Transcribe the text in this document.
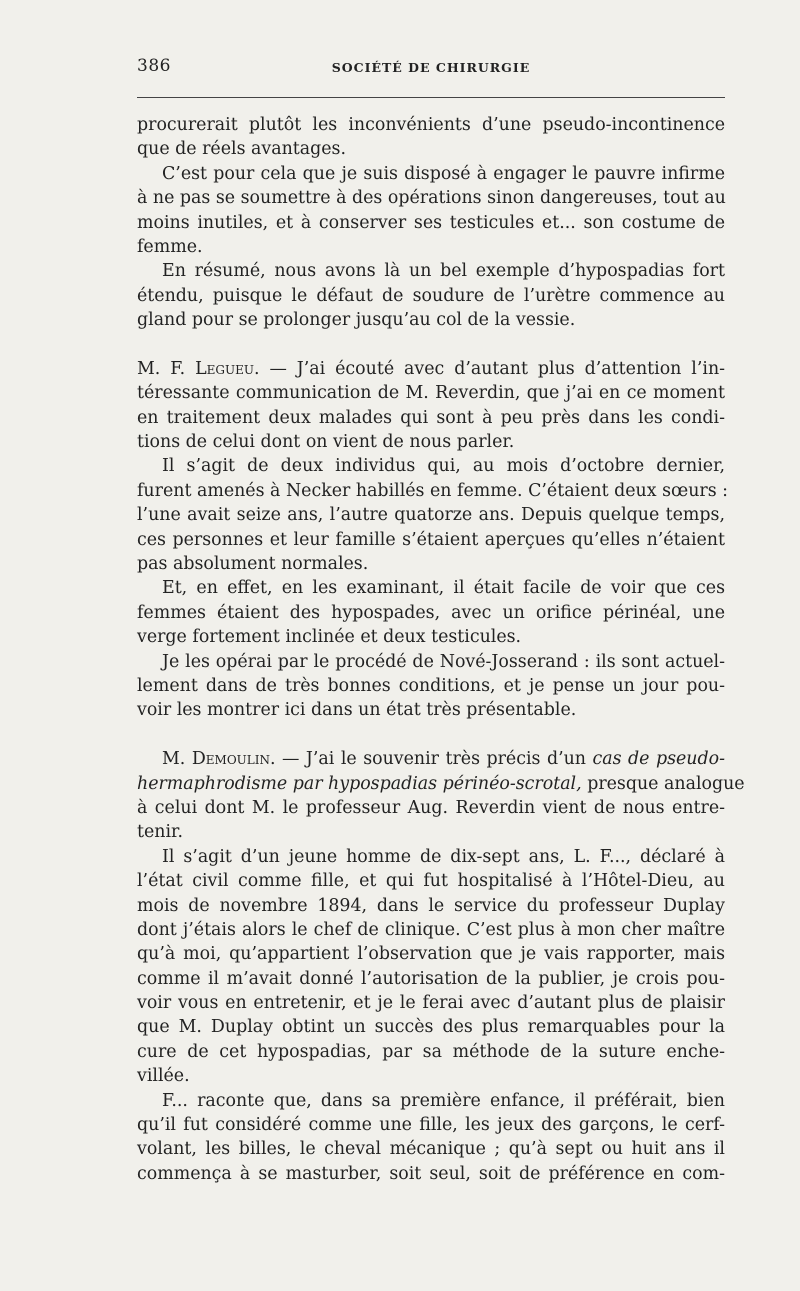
386	SOCIÉTÉ DE CHIRURGIE
procurerait plutôt les inconvénients d’une pseudo-incontinence
que de réels avantages.
C’est pour cela que je suis disposé à engager le pauvre infirme
à ne pas se soumettre à des opérations sinon dangereuses, tout au
moins inutiles, et à conserver ses testicules et... son costume de
femme.
En résumé, nous avons là un bel exemple d’hypospadias fort
étendu, puisque le défaut de soudure de l’urètre commence au
gland pour se prolonger jusqu’au col de la vessie.
M. F. Legueu. — J’ai écouté avec d’autant plus d’attention l’in-
téressante communication de M. Reverdin, que j’ai en ce moment
en traitement deux malades qui sont à peu près dans les condi-
tions de celui dont on vient de nous parler.
Il s’agit de deux individus qui, au mois d’octobre dernier,
furent amenés à Necker habillés en femme. C’étaient deux sœurs :
l’une avait seize ans, l’autre quatorze ans. Depuis quelque temps,
ces personnes et leur famille s’étaient aperçues qu’elles n’étaient
pas absolument normales.
Et, en effet, en les examinant, il était facile de voir que ces
femmes étaient des hypospades, avec un orifice périnéal, une
verge fortement inclinée et deux testicules.
Je les opérai par le procédé de Nové-Josserand : ils sont actuel-
lement dans de très bonnes conditions, et je pense un jour pou-
voir les montrer ici dans un état très présentable.
M. Demoulin. — J’ai le souvenir très précis d’un cas de pseudo-
hermaphrodisme par hypospadias périnéo-scrotal, presque analogue
à celui dont M. le professeur Aug. Reverdin vient de nous entre-
tenir.
Il s’agit d’un jeune homme de dix-sept ans, L. F..., déclaré à
l’état civil comme fille, et qui fut hospitalisé à l’Hôtel-Dieu, au
mois de novembre 1894, dans le service du professeur Duplay
dont j’étais alors le chef de clinique. C’est plus à mon cher maître
qu’à moi, qu’appartient l’observation que je vais rapporter, mais
comme il m’avait donné l’autorisation de la publier, je crois pou-
voir vous en entretenir, et je le ferai avec d’autant plus de plaisir
que M. Duplay obtint un succès des plus remarquables pour la
cure de cet hypospadias, par sa méthode de la suture enche-
villée.
F... raconte que, dans sa première enfance, il préférait, bien
qu’il fut considéré comme une fille, les jeux des garçons, le cerf-
volant, les billes, le cheval mécanique ; qu’à sept ou huit ans il
commença à se masturber, soit seul, soit de préférence en com-
